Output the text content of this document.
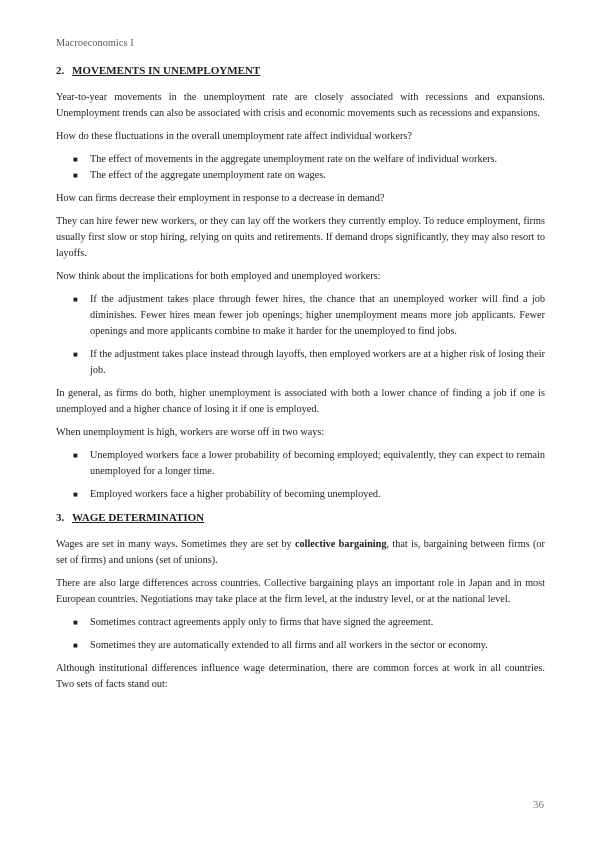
Macroeconomics I
2. MOVEMENTS IN UNEMPLOYMENT

Year-to-year movements in the unemployment rate are closely associated with recessions and expansions. Unemployment trends can also be associated with crisis and economic movements such as recessions and expansions.

How do these fluctuations in the overall unemployment rate affect individual workers?

■ The effect of movements in the aggregate unemployment rate on the welfare of individual workers.
■ The effect of the aggregate unemployment rate on wages.

How can firms decrease their employment in response to a decrease in demand?

They can hire fewer new workers, or they can lay off the workers they currently employ. To reduce employment, firms usually first slow or stop hiring, relying on quits and retirements. If demand drops significantly, they may also resort to layoffs.

Now think about the implications for both employed and unemployed workers:

■ If the adjustment takes place through fewer hires, the chance that an unemployed worker will find a job diminishes. Fewer hires mean fewer job openings; higher unemployment means more job applicants. Fewer openings and more applicants combine to make it harder for the unemployed to find jobs.
■ If the adjustment takes place instead through layoffs, then employed workers are at a higher risk of losing their job.

In general, as firms do both, higher unemployment is associated with both a lower chance of finding a job if one is unemployed and a higher chance of losing it if one is employed.

When unemployment is high, workers are worse off in two ways:

■ Unemployed workers face a lower probability of becoming employed; equivalently, they can expect to remain unemployed for a longer time.
■ Employed workers face a higher probability of becoming unemployed.
3. WAGE DETERMINATION

Wages are set in many ways. Sometimes they are set by collective bargaining, that is, bargaining between firms (or set of firms) and unions (set of unions).

There are also large differences across countries. Collective bargaining plays an important role in Japan and in most European countries. Negotiations may take place at the firm level, at the industry level, or at the national level.

■ Sometimes contract agreements apply only to firms that have signed the agreement.
■ Sometimes they are automatically extended to all firms and all workers in the sector or economy.

Although institutional differences influence wage determination, there are common forces at work in all countries. Two sets of facts stand out:

36
